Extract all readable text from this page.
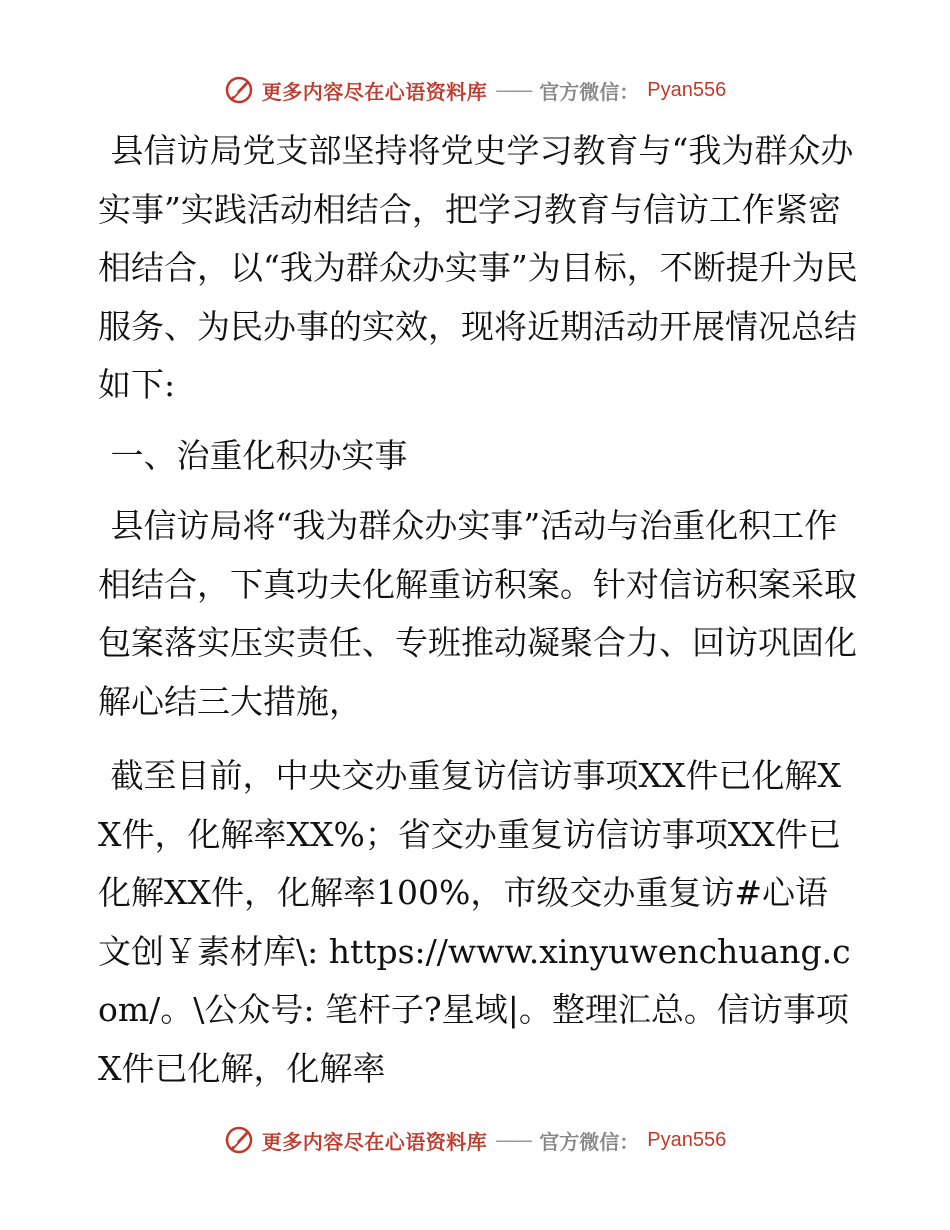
更多内容尽在心语资料库 —— 官方微信： Pyan556

县信访局党支部坚持将党史学习教育与“我为群众办实事”实践活动相结合，把学习教育与信访工作紧密相结合，以“我为群众办实事”为目标，不断提升为民服务、为民办事的实效，现将近期活动开展情况总结如下:

一、治重化积办实事

县信访局将“我为群众办实事”活动与治重化积工作相结合，下真功夫化解重访积案。针对信访积案采取包案落实压实责任、专班推动凝聚合力、回访巩固化解心结三大措施，

截至目前，中央交办重复访信访事项XX件已化解XX件，化解率XX%；省交办重复访信访事项XX件已化解XX件，化解率100%，市级交办重复访#心语文创￥素材库\: https://www.xinyuwenchuang.com/。\公众号: 笔杆子?星域|。整理汇总。信访事项X件已化解，化解率

更多内容尽在心语资料库 —— 官方微信： Pyan556
